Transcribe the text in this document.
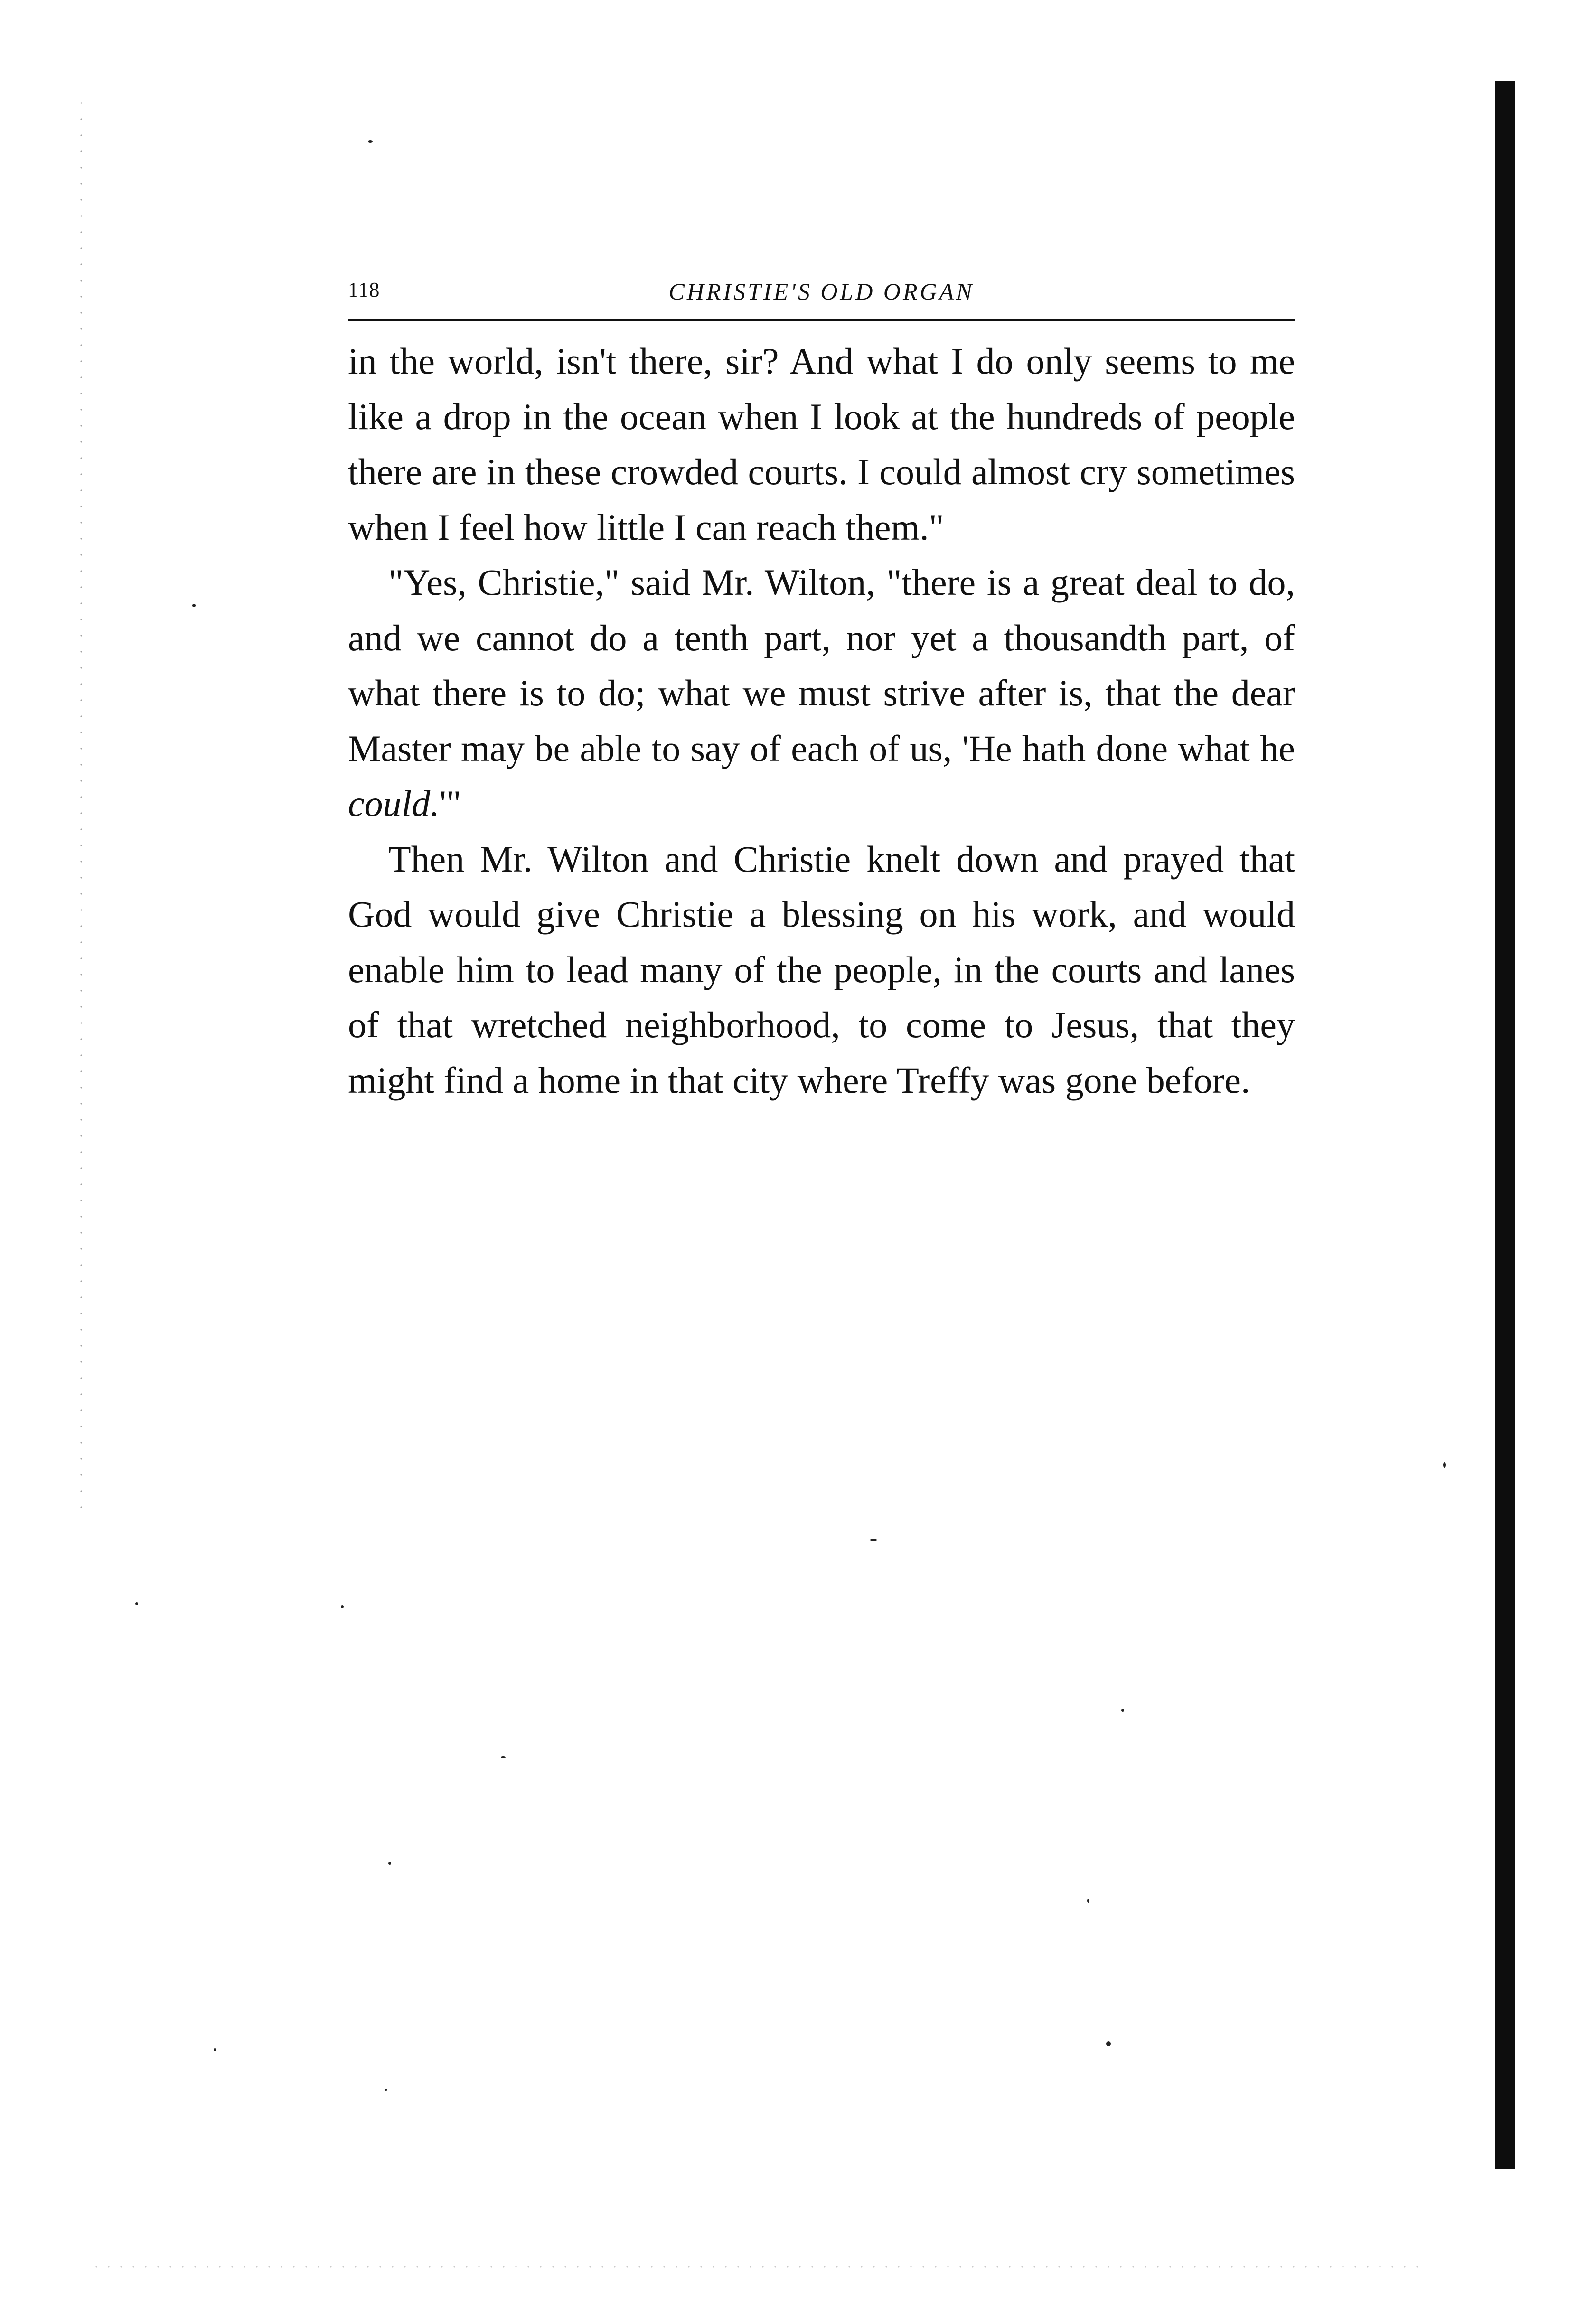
118	CHRISTIE'S OLD ORGAN

in the world, isn't there, sir? And what I do only seems to me like a drop in the ocean when I look at the hundreds of people there are in these crowded courts. I could almost cry sometimes when I feel how little I can reach them."

"Yes, Christie," said Mr. Wilton, "there is a great deal to do, and we cannot do a tenth part, nor yet a thousandth part, of what there is to do; what we must strive after is, that the dear Master may be able to say of each of us, 'He hath done what he could.'"

Then Mr. Wilton and Christie knelt down and prayed that God would give Christie a blessing on his work, and would enable him to lead many of the people, in the courts and lanes of that wretched neighborhood, to come to Jesus, that they might find a home in that city where Treffy was gone before.
